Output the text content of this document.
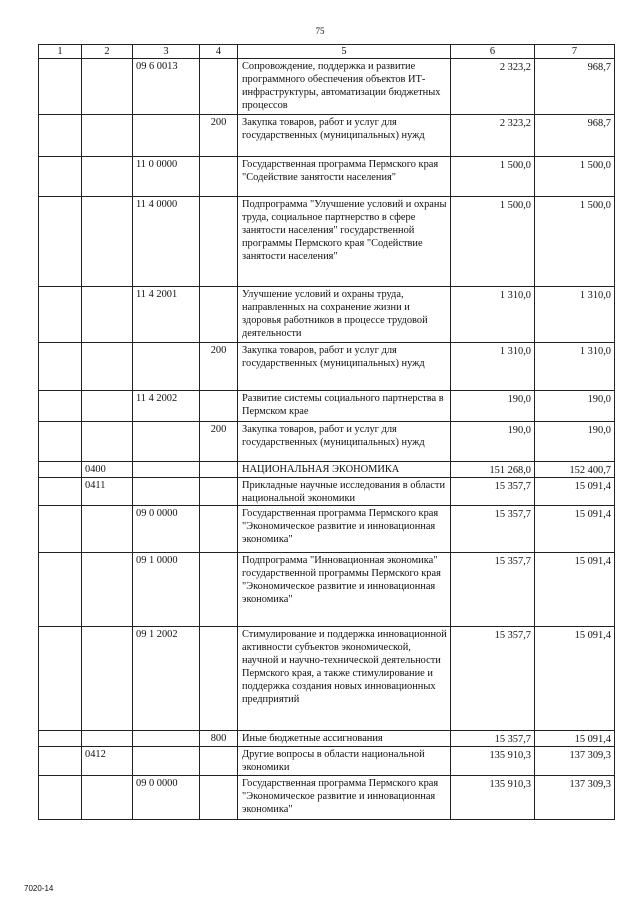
75
1	2	3	4	5	6	7
		09 6 0013		Сопровождение, поддержка и развитие программного обеспечения объектов ИТ-инфраструктуры, автоматизации бюджетных процессов	2 323,2	968,7
			200	Закупка товаров, работ и услуг для государственных (муниципальных) нужд	2 323,2	968,7
		11 0 0000		Государственная программа Пермского края "Содействие занятости населения"	1 500,0	1 500,0
		11 4 0000		Подпрограмма "Улучшение условий и охраны труда, социальное партнерство в сфере занятости населения" государственной программы Пермского края "Содействие занятости населения"	1 500,0	1 500,0
		11 4 2001		Улучшение условий и охраны труда, направленных на сохранение жизни и здоровья работников в процессе трудовой деятельности	1 310,0	1 310,0
			200	Закупка товаров, работ и услуг для государственных (муниципальных) нужд	1 310,0	1 310,0
		11 4 2002		Развитие системы социального партнерства в Пермском крае	190,0	190,0
			200	Закупка товаров, работ и услуг для государственных (муниципальных) нужд	190,0	190,0
	0400			НАЦИОНАЛЬНАЯ ЭКОНОМИКА	151 268,0	152 400,7
	0411			Прикладные научные исследования в области национальной экономики	15 357,7	15 091,4
		09 0 0000		Государственная программа Пермского края "Экономическое развитие и инновационная экономика"	15 357,7	15 091,4
		09 1 0000		Подпрограмма "Инновационная экономика" государственной программы Пермского края "Экономическое развитие и инновационная экономика"	15 357,7	15 091,4
		09 1 2002		Стимулирование и поддержка инновационной активности субъектов экономической, научной и научно-технической деятельности Пермского края, а также стимулирование и поддержка создания новых инновационных предприятий	15 357,7	15 091,4
			800	Иные бюджетные ассигнования	15 357,7	15 091,4
	0412			Другие вопросы в области национальной экономики	135 910,3	137 309,3
		09 0 0000		Государственная программа Пермского края "Экономическое развитие и инновационная экономика"	135 910,3	137 309,3
7020-14
